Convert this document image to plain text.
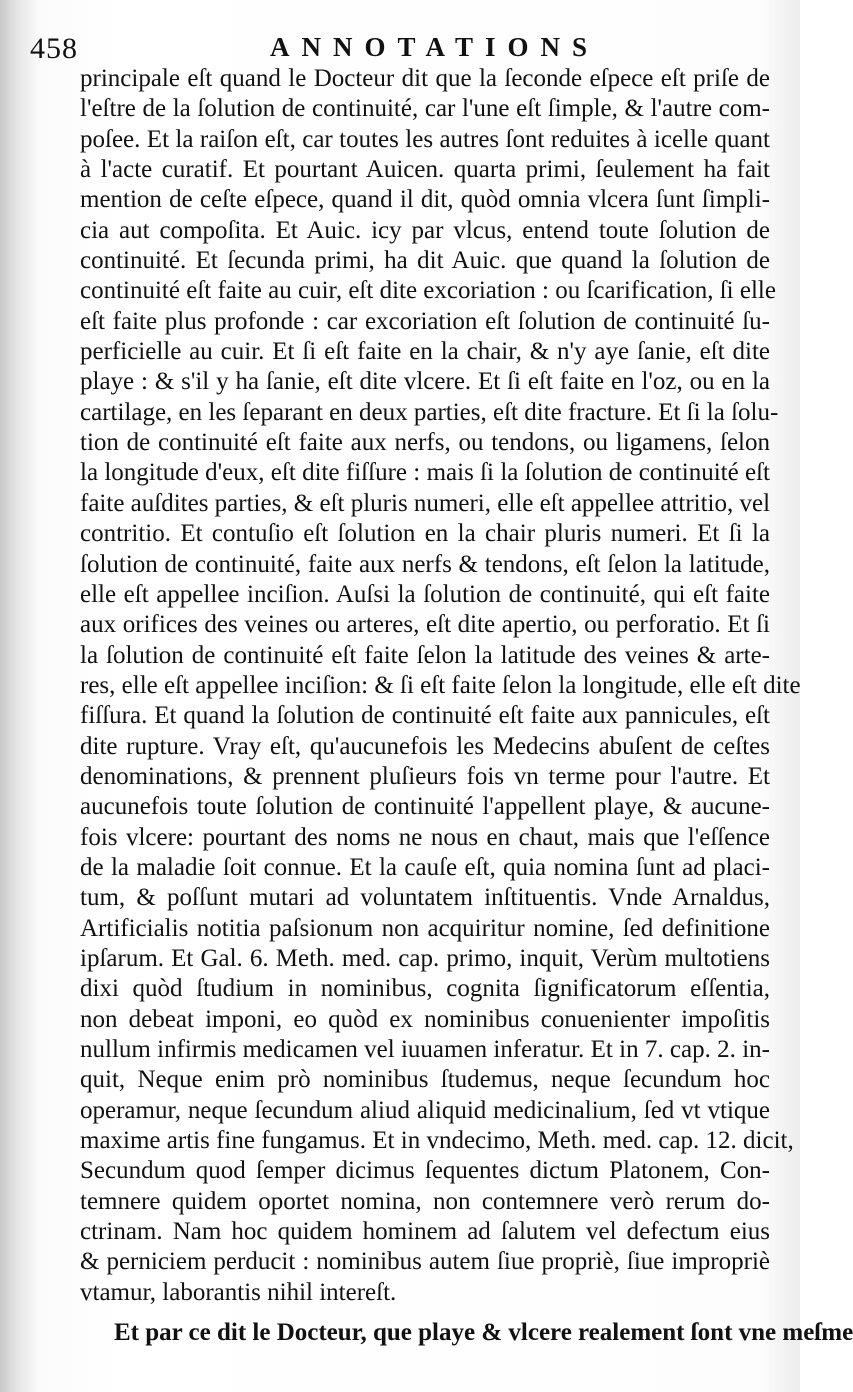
458	ANNOTATIONS
principale eſt quand le Docteur dit que la ſeconde eſpece eſt priſe de
l'eſtre de la ſolution de continuité, car l'une eſt ſimple, & l'autre com-
poſee. Et la raiſon eſt, car toutes les autres ſont reduites à icelle quant
à l'acte curatif. Et pourtant Auicen. quarta primi, ſeulement ha fait
mention de ceſte eſpece, quand il dit, quòd omnia vlcera ſunt ſimpli-
cia aut compoſita. Et Auic. icy par vlcus, entend toute ſolution de
continuité. Et ſecunda primi, ha dit Auic. que quand la ſolution de
continuité eſt faite au cuir, eſt dite excoriation : ou ſcarification, ſi elle
eſt faite plus profonde : car excoriation eſt ſolution de continuité ſu-
perficielle au cuir. Et ſi eſt faite en la chair, & n'y aye ſanie, eſt dite
playe : & s'il y ha ſanie, eſt dite vlcere. Et ſi eſt faite en l'oz, ou en la
cartilage, en les ſeparant en deux parties, eſt dite fracture. Et ſi la ſolu-
tion de continuité eſt faite aux nerfs, ou tendons, ou ligamens, ſelon
la longitude d'eux, eſt dite fiſſure : mais ſi la ſolution de continuité eſt
faite auſdites parties, & eſt pluris numeri, elle eſt appellee attritio, vel
contritio. Et contuſio eſt ſolution en la chair pluris numeri. Et ſi la
ſolution de continuité, faite aux nerfs & tendons, eſt ſelon la latitude,
elle eſt appellee inciſion. Auſsi la ſolution de continuité, qui eſt faite
aux orifices des veines ou arteres, eſt dite apertio, ou perforatio. Et ſi
la ſolution de continuité eſt faite ſelon la latitude des veines & arte-
res, elle eſt appellee inciſion: & ſi eſt faite ſelon la longitude, elle eſt dite
fiſſura. Et quand la ſolution de continuité eſt faite aux pannicules, eſt
dite rupture. Vray eſt, qu'aucunefois les Medecins abuſent de ceſtes
denominations, & prennent pluſieurs fois vn terme pour l'autre. Et
aucunefois toute ſolution de continuité l'appellent playe, & aucune-
fois vlcere: pourtant des noms ne nous en chaut, mais que l'eſſence
de la maladie ſoit connue. Et la cauſe eſt, quia nomina ſunt ad placi-
tum, & poſſunt mutari ad voluntatem inſtituentis. Vnde Arnaldus,
Artificialis notitia paſsionum non acquiritur nomine, ſed definitione
ipſarum. Et Gal. 6. Meth. med. cap. primo, inquit, Verùm multotiens
dixi quòd ſtudium in nominibus, cognita ſignificatorum eſſentia,
non debeat imponi, eo quòd ex nominibus conuenienter impoſitis
nullum infirmis medicamen vel iuuamen inferatur. Et in 7. cap. 2. in-
quit, Neque enim prò nominibus ſtudemus, neque ſecundum hoc
operamur, neque ſecundum aliud aliquid medicinalium, ſed vt vtique
maxime artis fine fungamus. Et in vndecimo, Meth. med. cap. 12. dicit,
Secundum quod ſemper dicimus ſequentes dictum Platonem, Con-
temnere quidem oportet nomina, non contemnere verò rerum do-
ctrinam. Nam hoc quidem hominem ad ſalutem vel defectum eius
& perniciem perducit : nominibus autem ſiue propriè, ſiue impropriè
vtamur, laborantis nihil intereſt.
Et par ce dit le Docteur, que playe & vlcere realement ſont vne meſme
